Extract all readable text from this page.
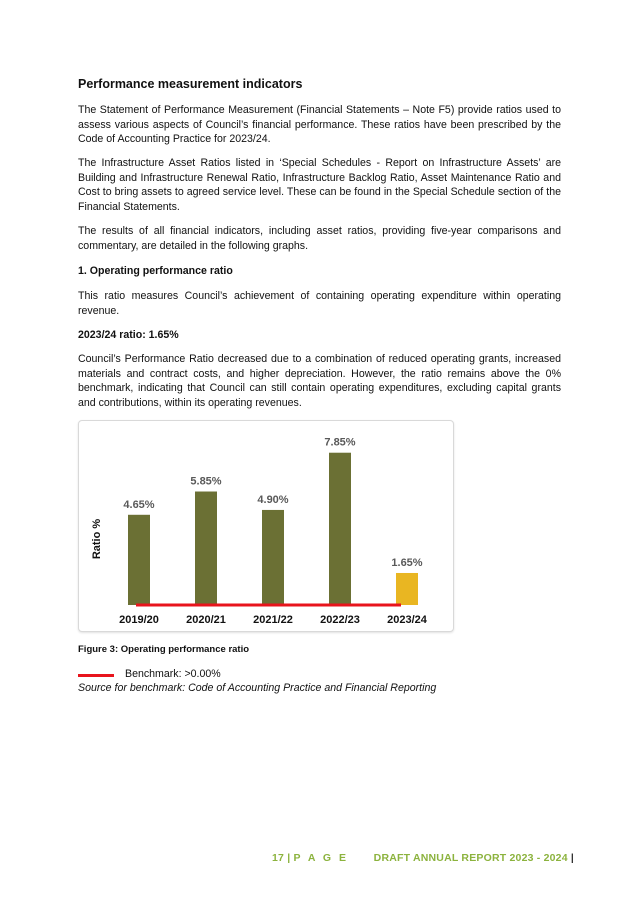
Performance measurement indicators

The Statement of Performance Measurement (Financial Statements – Note F5) provide ratios used to assess various aspects of Council’s financial performance. These ratios have been prescribed by the Code of Accounting Practice for 2023/24.

The Infrastructure Asset Ratios listed in ‘Special Schedules - Report on Infrastructure Assets’ are Building and Infrastructure Renewal Ratio, Infrastructure Backlog Ratio, Asset Maintenance Ratio and Cost to bring assets to agreed service level. These can be found in the Special Schedule section of the Financial Statements.

The results of all financial indicators, including asset ratios, providing five-year comparisons and commentary, are detailed in the following graphs.

1. Operating performance ratio

This ratio measures Council’s achievement of containing operating expenditure within operating revenue.

2023/24 ratio: 1.65%

Council’s Performance Ratio decreased due to a combination of reduced operating grants, increased materials and contract costs, and higher depreciation. However, the ratio remains above the 0% benchmark, indicating that Council can still contain operating expenditures, excluding capital grants and contributions, within its operating revenues.

Ratio %
4.65%
2019/20
5.85%
2020/21
4.90%
2021/22
7.85%
2022/23
1.65%
2023/24
Figure 3: Operating performance ratio
Benchmark: >0.00%
Source for benchmark: Code of Accounting Practice and Financial Reporting
17 | P A G E DRAFT ANNUAL REPORT 2023 - 2024 |
